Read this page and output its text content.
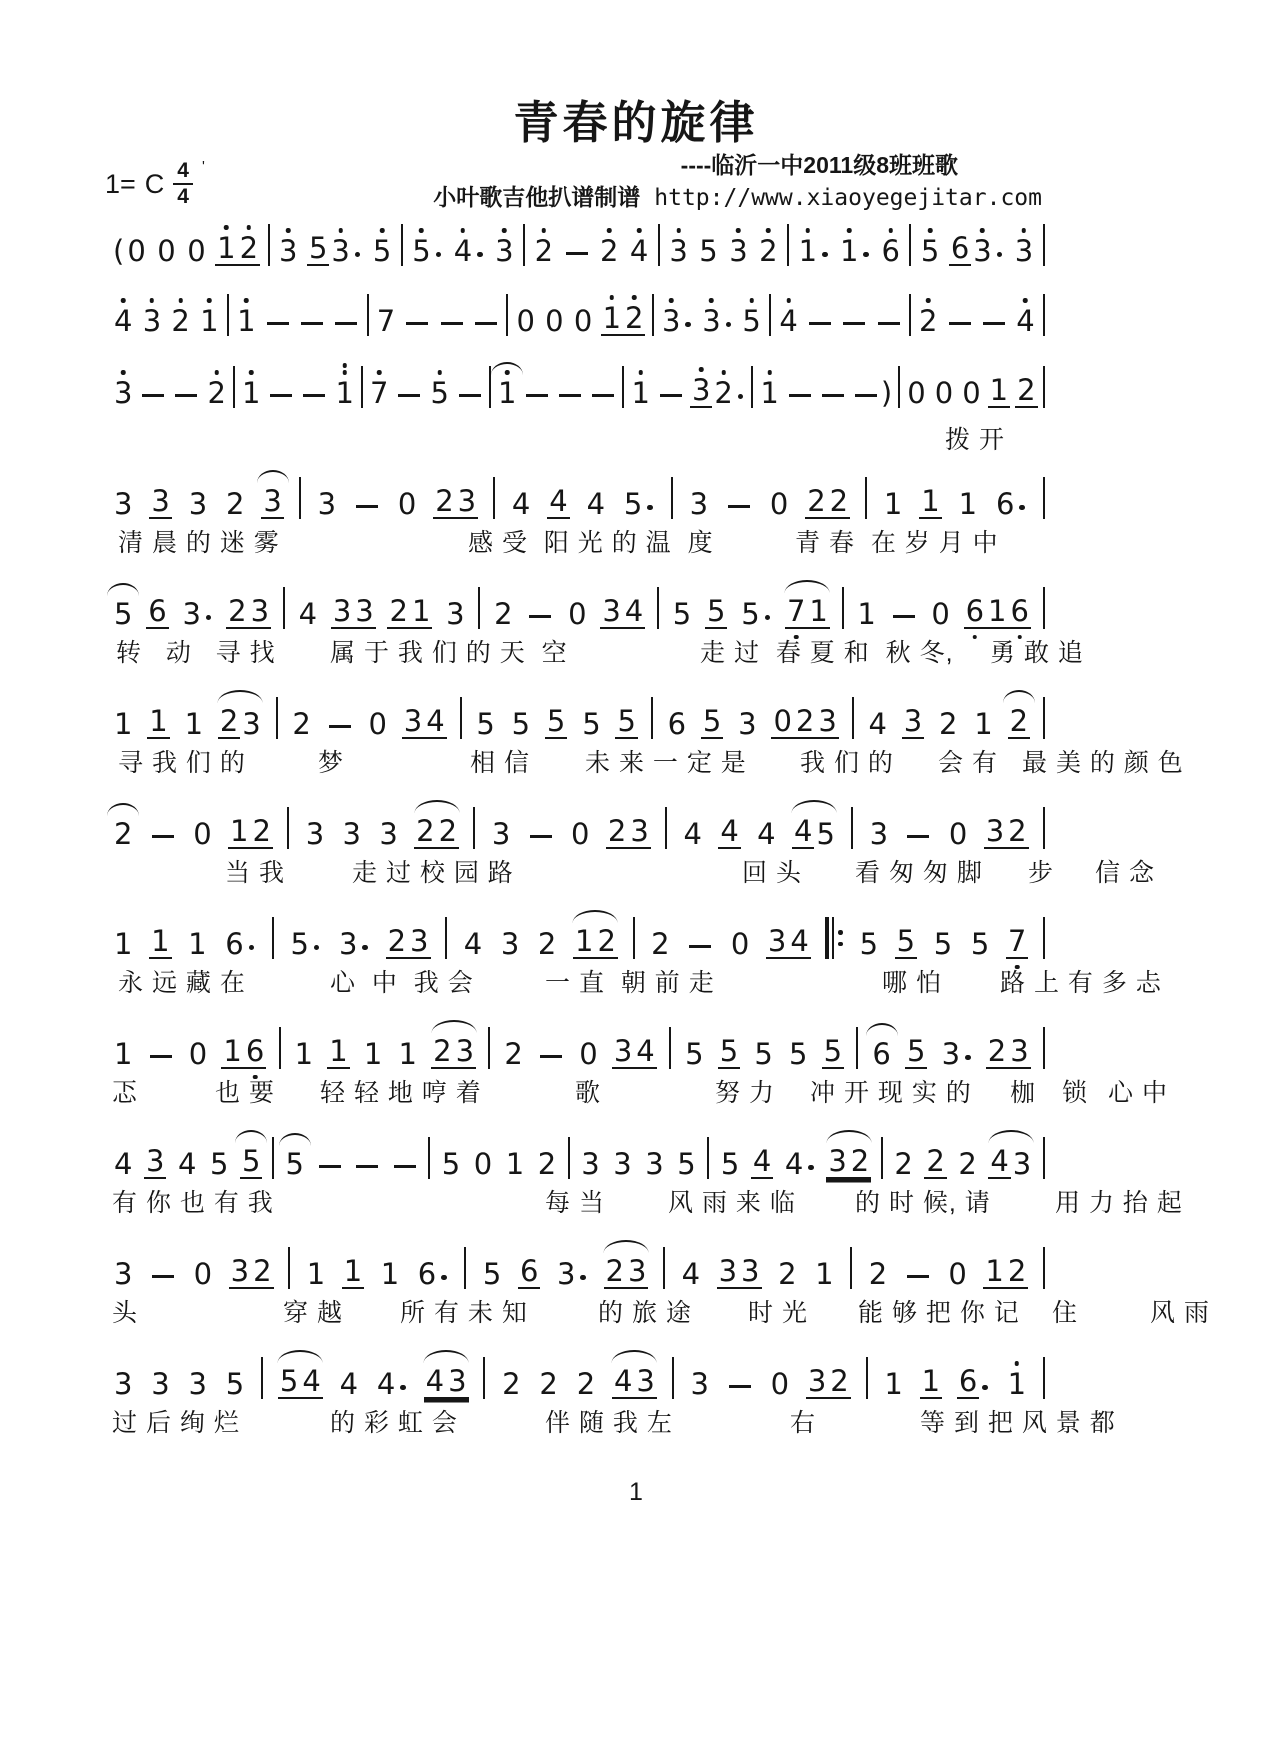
青春的旋律
----临沂一中2011级8班班歌
小叶歌吉他扒谱制谱 http://www.xiaoyegejitar.com
1= C $\frac{4}{4}$ '
( 0 0 0 1 2 3 5 3 5 5 4 3 2 2 4 3 5 3 2 1 1 6 5 6 3 3
4 3 2 1 1	7	0 0 0 1 2 3 3 5 4	2	4
3	2 1	1 7 5 1	1 3 2 1	) 0 0 0 1 2
拨 开
3 3 3 2 3 3 0 2 3 4 4 4 5 3 0 2 2 1 1 1 6
清 晨 的 迷 雾	感 受  阳 光 的 温  度	青 春  在 岁 月 中
5 6 3 2 3 4 3 3 2 1 3 2 0 3 4 5 5 5 7 1 1 0 6 1 6
转   动   寻 找 属 于 我 们 的 天  空	走 过  春 夏 和  秋 冬, 勇 敢 追
1 1 1 2 3 2 0 3 4 5 5 5 5 5 6 5 3 0 2 3 4 3 2 1 2
寻 我 们 的	梦	相 信 未 来 一 定 是 我 们 的 会 有 最 美 的 颜 色
2 0 1 2 3 3 3 2 2 3 0 2 3 4 4 4 4 5 3 0 3 2
当 我	走 过 校 园 路	回 头 看 匆 匆 脚 步 信 念
1 1 1 6 5 3 2 3 4 3 2 1 2 2 0 3 4 5 5 5 5 7
永 远 藏 在	心  中  我 会	一 直  朝 前 走	哪 怕 路 上 有 多 忐
1 0 1 6 1 1 1 1 2 3 2 0 3 4 5 5 5 5 5 6 5 3 2 3
忑	也 要 轻 轻 地 哼 着	歌	努 力 冲 开 现 实 的 枷 锁 心 中
4 3 4 5 5 5	5 0 1 2 3 3 3 5 5 4 4 3 2 2 2 2 4 3
有 你 也 有 我	每 当	风 雨 来 临 的 时 候, 请	用 力 抬 起
3 0 3 2 1 1 1 6 5 6 3 2 3 4 3 3 2 1 2 0 1 2
头	穿 越 所 有 未 知	的 旅 途 时 光 能 够 把 你 记 住	风 雨
3 3 3 5 5 4 4 4 4 3 2 2 2 4 3 3 0 3 2 1 1 6 1
过 后 绚 烂	的 彩 虹 会	伴 随 我 左	右	等 到 把 风 景 都
1
